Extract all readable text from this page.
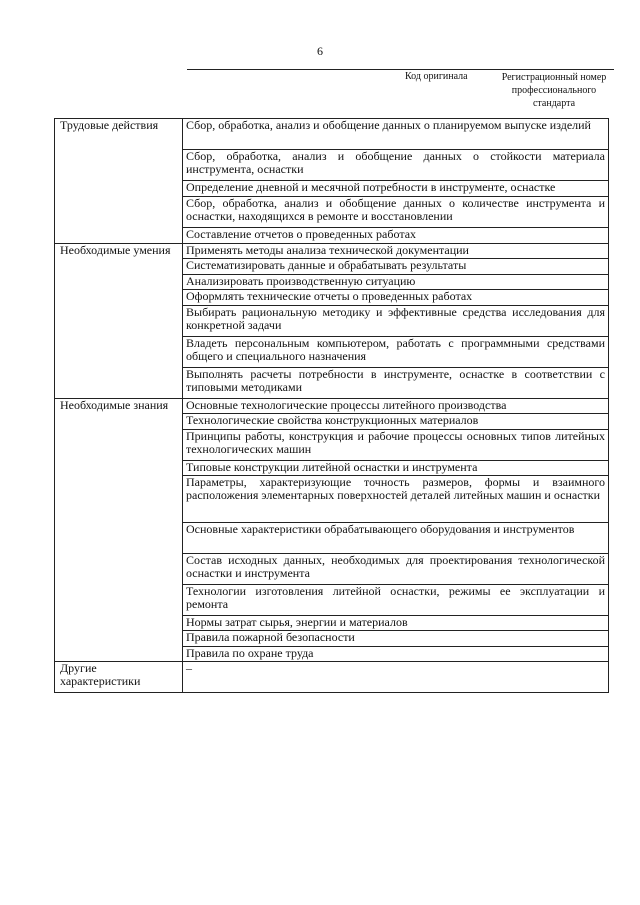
6
Код оригинала	Регистрационный номер
профессионального
стандарта
Трудовые действия	Сбор, обработка, анализ и обобщение данных о планируемом выпуске изделий
	Сбор, обработка, анализ и обобщение данных о стойкости материала инструмента, оснастки
	Определение дневной и месячной потребности в инструменте, оснастке
	Сбор, обработка, анализ и обобщение данных о количестве инструмента и оснастки, находящихся в ремонте и восстановлении
	Составление отчетов о проведенных работах
Необходимые умения	Применять методы анализа технической документации
	Систематизировать данные и обрабатывать результаты
	Анализировать производственную ситуацию
	Оформлять технические отчеты о проведенных работах
	Выбирать рациональную методику и эффективные средства исследования для конкретной задачи
	Владеть персональным компьютером, работать с программными средствами общего и специального назначения
	Выполнять расчеты потребности в инструменте, оснастке в соответствии с типовыми методиками
Необходимые знания	Основные технологические процессы литейного производства
	Технологические свойства конструкционных материалов
	Принципы работы, конструкция и рабочие процессы основных типов литейных технологических машин
	Типовые конструкции литейной оснастки и инструмента
	Параметры, характеризующие точность размеров, формы и взаимного расположения элементарных поверхностей деталей литейных машин и оснастки
	Основные характеристики обрабатывающего оборудования и инструментов
	Состав исходных данных, необходимых для проектирования технологической оснастки и инструмента
	Технологии изготовления литейной оснастки, режимы ее эксплуатации и ремонта
	Нормы затрат сырья, энергии и материалов
	Правила пожарной безопасности
	Правила по охране труда
Другие характеристики	–
